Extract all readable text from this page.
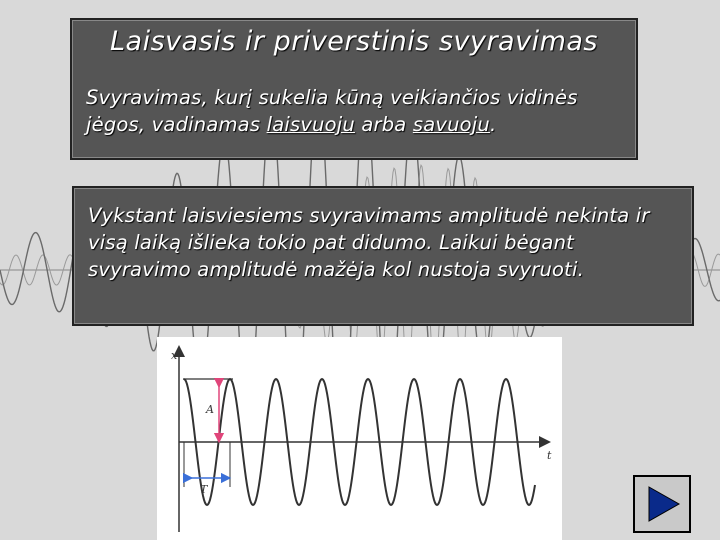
Laisvasis ir priverstinis svyravimas
Svyravimas, kurį sukelia kūną veikiančios vidinės jėgos, vadinamas laisvuoju arba savuoju.
Vykstant laisviesiems svyravimams amplitudė nekinta ir visą laiką išlieka tokio pat didumo. Laikui bėgant svyravimo amplitudė mažėja kol nustoja svyruoti.
x
t
A
T
